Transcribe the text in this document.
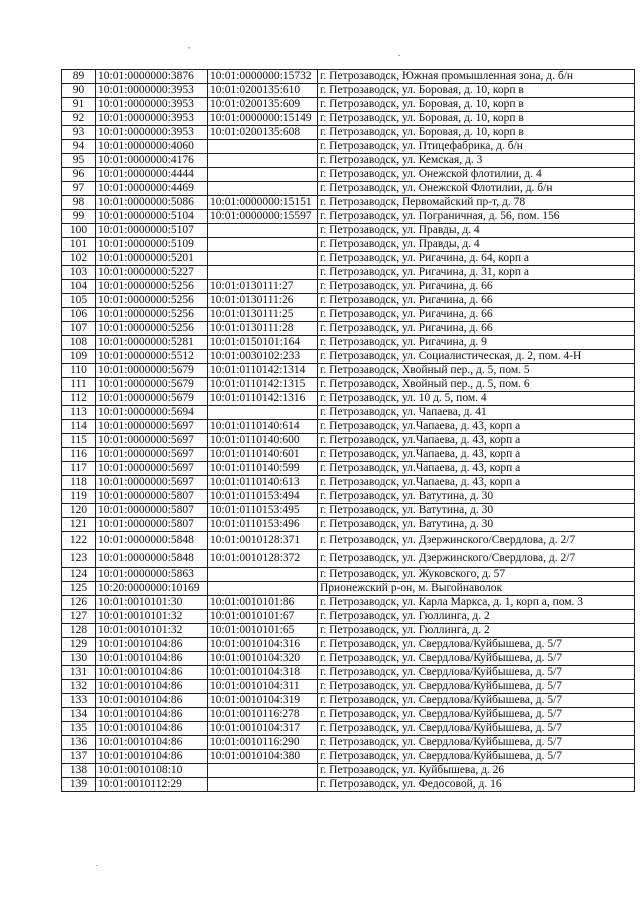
,
.
89	10:01:0000000:3876	10:01:0000000:15732	г. Петрозаводск, Южная промышленная зона, д. б/н
90	10:01:0000000:3953	10:01:0200135:610	г. Петрозаводск, ул. Боровая, д. 10, корп в
91	10:01:0000000:3953	10:01:0200135:609	г. Петрозаводск, ул. Боровая, д. 10, корп в
92	10:01:0000000:3953	10:01:0000000:15149	г. Петрозаводск, ул. Боровая, д. 10, корп в
93	10:01:0000000:3953	10:01:0200135:608	г. Петрозаводск, ул. Боровая, д. 10, корп в
94	10:01:0000000:4060		г. Петрозаводск, ул. Птицефабрика, д. б/н
95	10:01:0000000:4176		г. Петрозаводск, ул. Кемская, д. 3
96	10:01:0000000:4444		г. Петрозаводск, ул. Онежской флотилии, д. 4
97	10:01:0000000:4469		г. Петрозаводск, ул. Онежской Флотилии, д. б/н
98	10:01:0000000:5086	10:01:0000000:15151	г. Петрозаводск, Первомайский пр-т, д. 78
99	10:01:0000000:5104	10:01:0000000:15597	г. Петрозаводск, ул. Пограничная, д. 56, пом. 156
100	10:01:0000000:5107		г. Петрозаводск, ул. Правды, д. 4
101	10:01:0000000:5109		г. Петрозаводск, ул. Правды, д. 4
102	10:01:0000000:5201		г. Петрозаводск, ул. Ригачина, д. 64, корп а
103	10:01:0000000:5227		г. Петрозаводск, ул. Ригачина, д. 31, корп а
104	10:01:0000000:5256	10:01:0130111:27	г. Петрозаводск, ул. Ригачина, д. 66
105	10:01:0000000:5256	10:01:0130111:26	г. Петрозаводск, ул. Ригачина, д. 66
106	10:01:0000000:5256	10:01:0130111:25	г. Петрозаводск, ул. Ригачина, д. 66
107	10:01:0000000:5256	10:01:0130111:28	г. Петрозаводск, ул. Ригачина, д. 66
108	10:01:0000000:5281	10:01:0150101:164	г. Петрозаводск, ул. Ригачина, д. 9
109	10:01:0000000:5512	10:01:0030102:233	г. Петрозаводск, ул. Социалистическая, д. 2, пом. 4-Н
110	10:01:0000000:5679	10:01:0110142:1314	г. Петрозаводск, Хвойный пер., д. 5, пом. 5
111	10:01:0000000:5679	10:01:0110142:1315	г. Петрозаводск, Хвойный пер., д. 5, пом. 6
112	10:01:0000000:5679	10:01:0110142:1316	г. Петрозаводск, ул. 10 д. 5, пом. 4
113	10:01:0000000:5694		г. Петрозаводск, ул. Чапаева, д. 41
114	10:01:0000000:5697	10:01:0110140:614	г. Петрозаводск, ул.Чапаева, д. 43, корп а
115	10:01:0000000:5697	10:01:0110140:600	г. Петрозаводск, ул.Чапаева, д. 43, корп а
116	10:01:0000000:5697	10:01:0110140:601	г. Петрозаводск, ул.Чапаева, д. 43, корп а
117	10:01:0000000:5697	10:01:0110140:599	г. Петрозаводск, ул.Чапаева, д. 43, корп а
118	10:01:0000000:5697	10:01:0110140:613	г. Петрозаводск, ул.Чапаева, д. 43, корп а
119	10:01:0000000:5807	10:01:0110153:494	г. Петрозаводск, ул. Ватутина, д. 30
120	10:01:0000000:5807	10:01:0110153:495	г. Петрозаводск, ул. Ватутина, д. 30
121	10:01:0000000:5807	10:01:0110153:496	г. Петрозаводск, ул. Ватутина, д. 30
122	10:01:0000000:5848	10:01:0010128:371	г. Петрозаводск, ул. Дзержинского/Свердлова, д. 2/7
123	10:01:0000000:5848	10:01:0010128:372	г. Петрозаводск, ул. Дзержинского/Свердлова, д. 2/7
124	10:01:0000000:5863		г. Петрозаводск, ул. Жуковского, д. 57
125	10:20:0000000:10169		Прионежский р-он, м. Выгойнаволок
126	10:01:0010101:30	10:01:0010101:86	г. Петрозаводск, ул. Карла Маркса, д. 1, корп а, пом. 3
127	10:01:0010101:32	10:01:0010101:67	г. Петрозаводск, ул. Гюллинга, д. 2
128	10:01:0010101:32	10:01:0010101:65	г. Петрозаводск, ул. Гюллинга, д. 2
129	10:01:0010104:86	10:01:0010104:316	г. Петрозаводск, ул. Свердлова/Куйбышева, д. 5/7
130	10:01:0010104:86	10:01:0010104:320	г. Петрозаводск, ул. Свердлова/Куйбышева, д. 5/7
131	10:01:0010104:86	10:01:0010104:318	г. Петрозаводск, ул. Свердлова/Куйбышева, д. 5/7
132	10:01:0010104:86	10:01:0010104:311	г. Петрозаводск, ул. Свердлова/Куйбышева, д. 5/7
133	10:01:0010104:86	10:01:0010104:319	г. Петрозаводск, ул. Свердлова/Куйбышева, д. 5/7
134	10:01:0010104:86	10:01:0010116:278	г. Петрозаводск, ул. Свердлова/Куйбышева, д. 5/7
135	10:01:0010104:86	10:01:0010104:317	г. Петрозаводск, ул. Свердлова/Куйбышева, д. 5/7
136	10:01:0010104:86	10:01:0010116:290	г. Петрозаводск, ул. Свердлова/Куйбышева, д. 5/7
137	10:01:0010104:86	10:01:0010104:380	г. Петрозаводск, ул. Свердлова/Куйбышева, д. 5/7
138	10:01:0010108:10		г. Петрозаводск, ул. Куйбышева, д. 26
139	10:01:0010112:29		г. Петрозаводск, ул. Федосовой, д. 16
.
